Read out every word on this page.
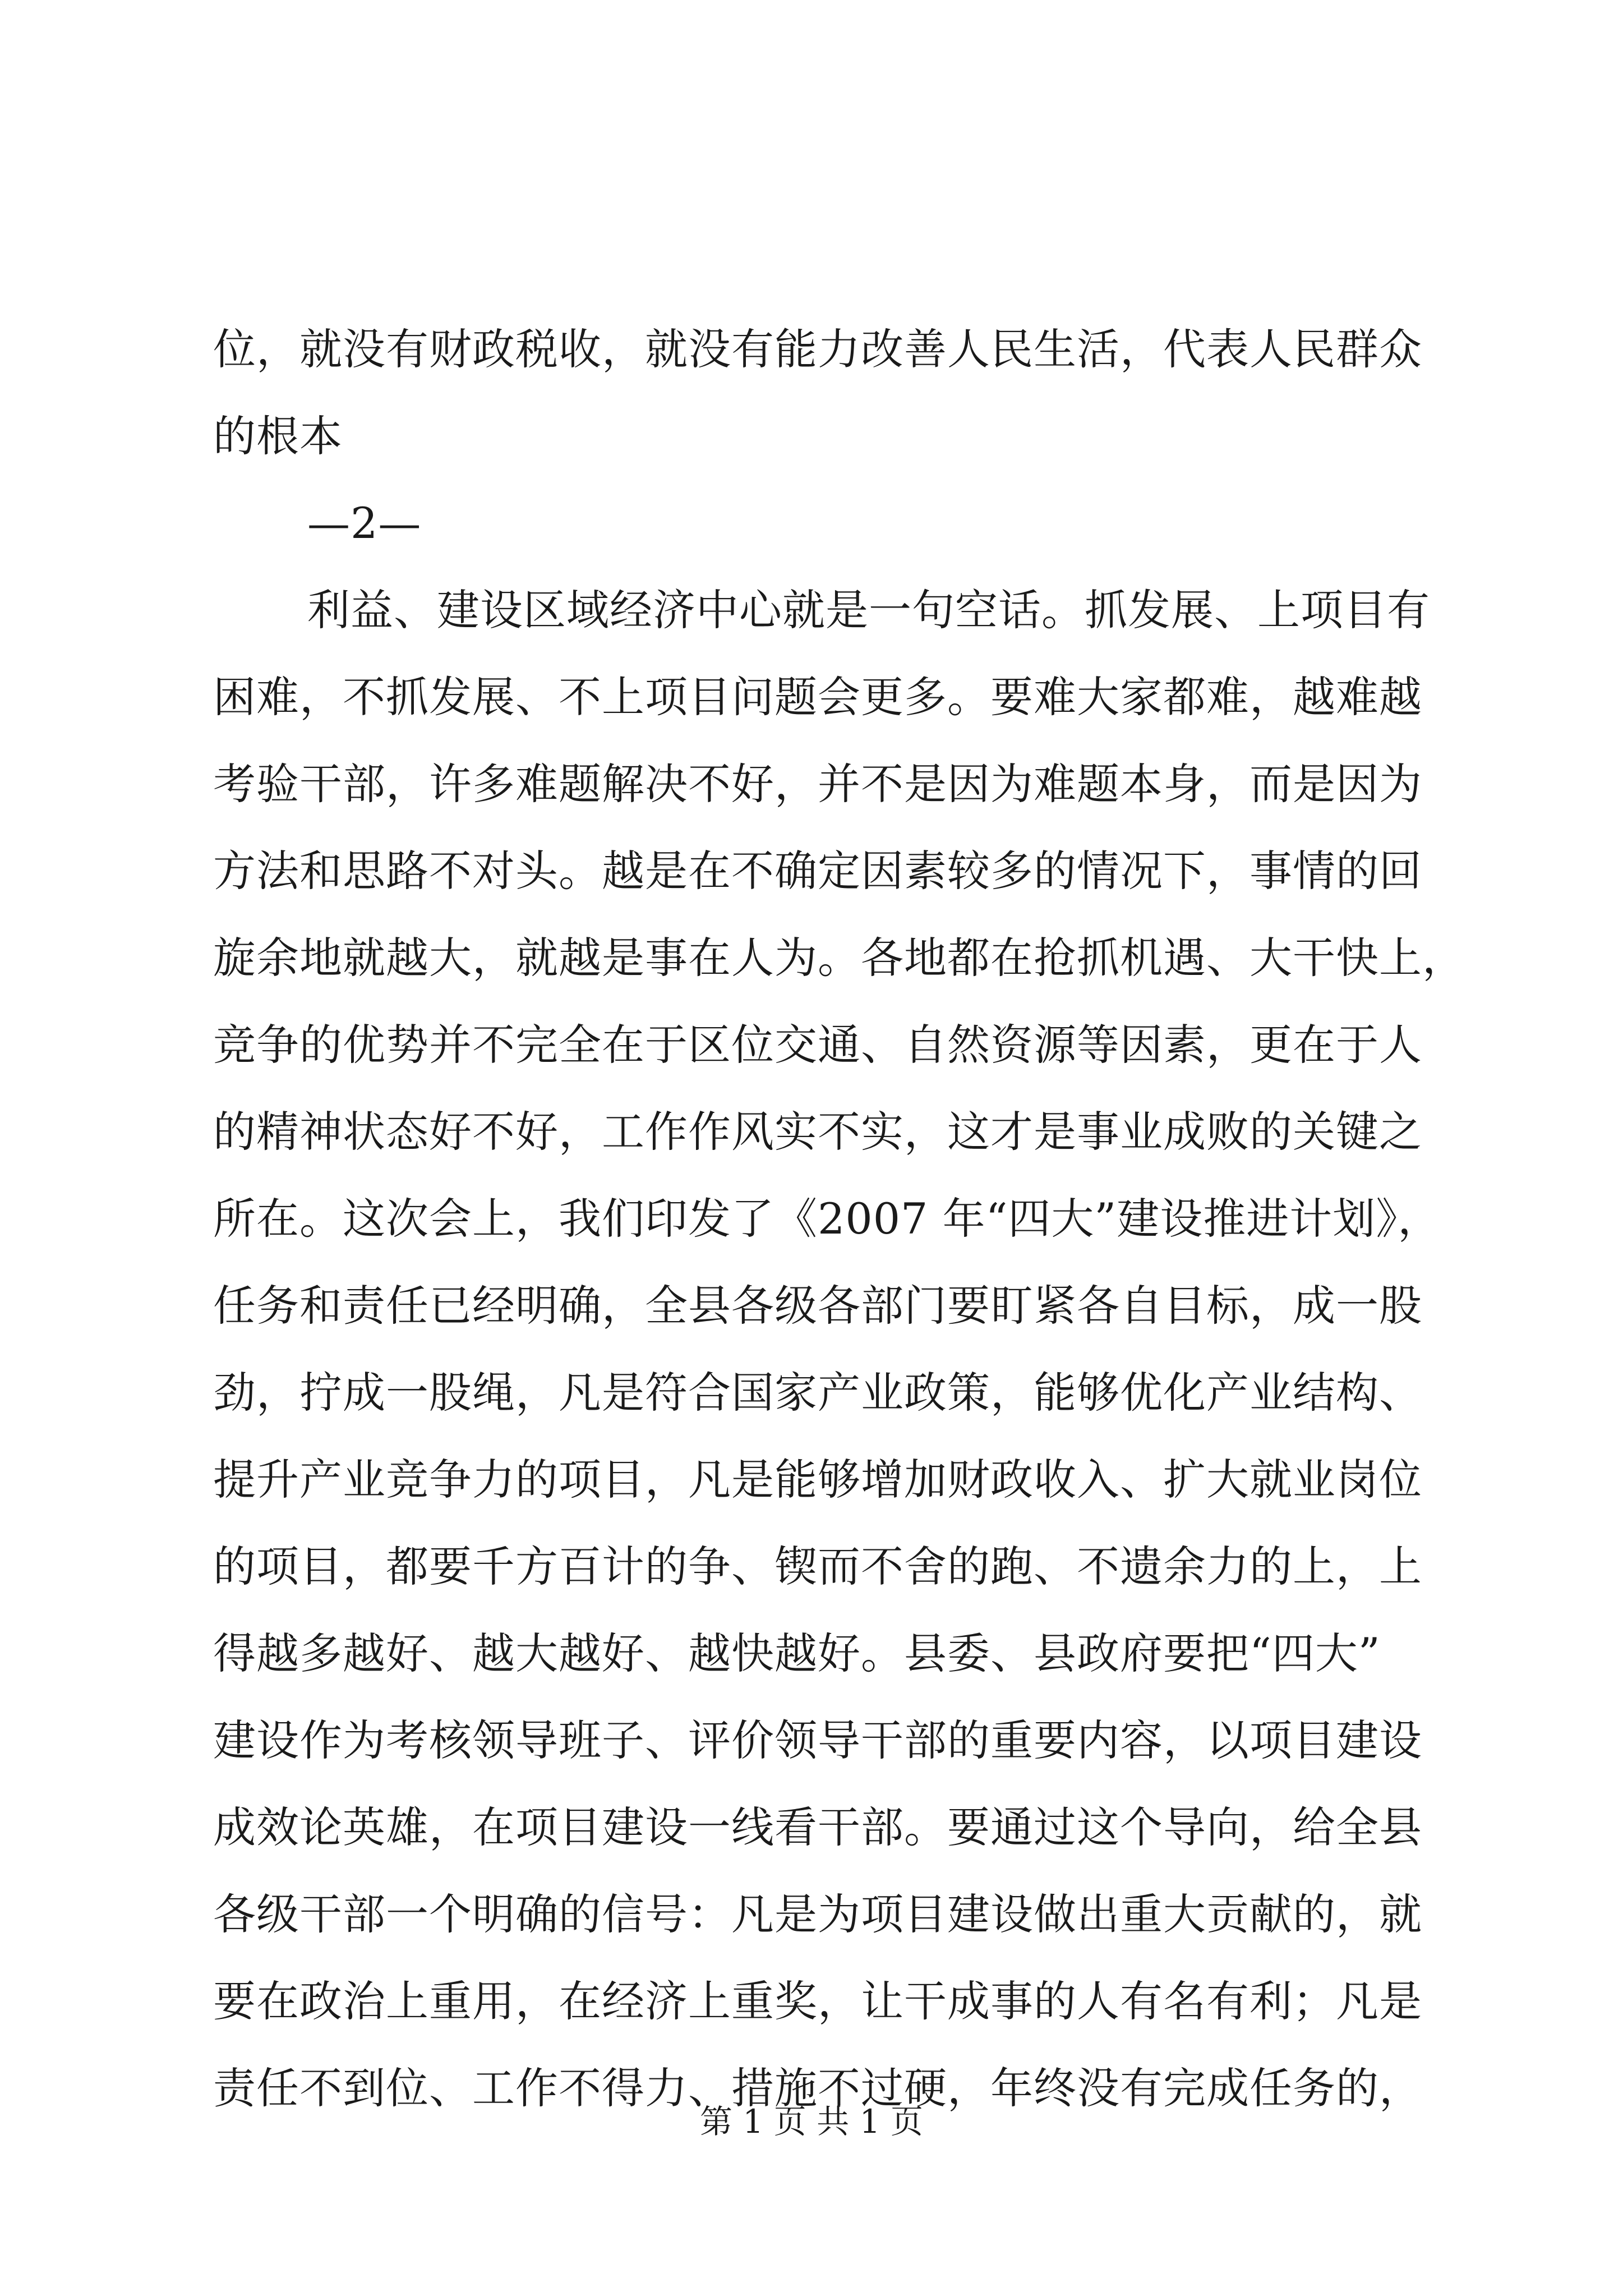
位，就没有财政税收，就没有能力改善人民生活，代表人民群众
的根本
—2—
利益、建设区域经济中心就是一句空话。抓发展、上项目有
困难，不抓发展、不上项目问题会更多。要难大家都难，越难越
考验干部，许多难题解决不好，并不是因为难题本身，而是因为
方法和思路不对头。越是在不确定因素较多的情况下，事情的回
旋余地就越大，就越是事在人为。各地都在抢抓机遇、大干快上，
竞争的优势并不完全在于区位交通、自然资源等因素，更在于人
的精神状态好不好，工作作风实不实，这才是事业成败的关键之
所在。这次会上，我们印发了《2007 年“四大”建设推进计划》，
任务和责任已经明确，全县各级各部门要盯紧各自目标，成一股
劲，拧成一股绳，凡是符合国家产业政策，能够优化产业结构、
提升产业竞争力的项目，凡是能够增加财政收入、扩大就业岗位
的项目，都要千方百计的争、锲而不舍的跑、不遗余力的上，上
得越多越好、越大越好、越快越好。县委、县政府要把“四大”
建设作为考核领导班子、评价领导干部的重要内容，以项目建设
成效论英雄，在项目建设一线看干部。要通过这个导向，给全县
各级干部一个明确的信号：凡是为项目建设做出重大贡献的，就
要在政治上重用，在经济上重奖，让干成事的人有名有利；凡是
责任不到位、工作不得力、措施不过硬，年终没有完成任务的，
第 1 页 共 1 页
